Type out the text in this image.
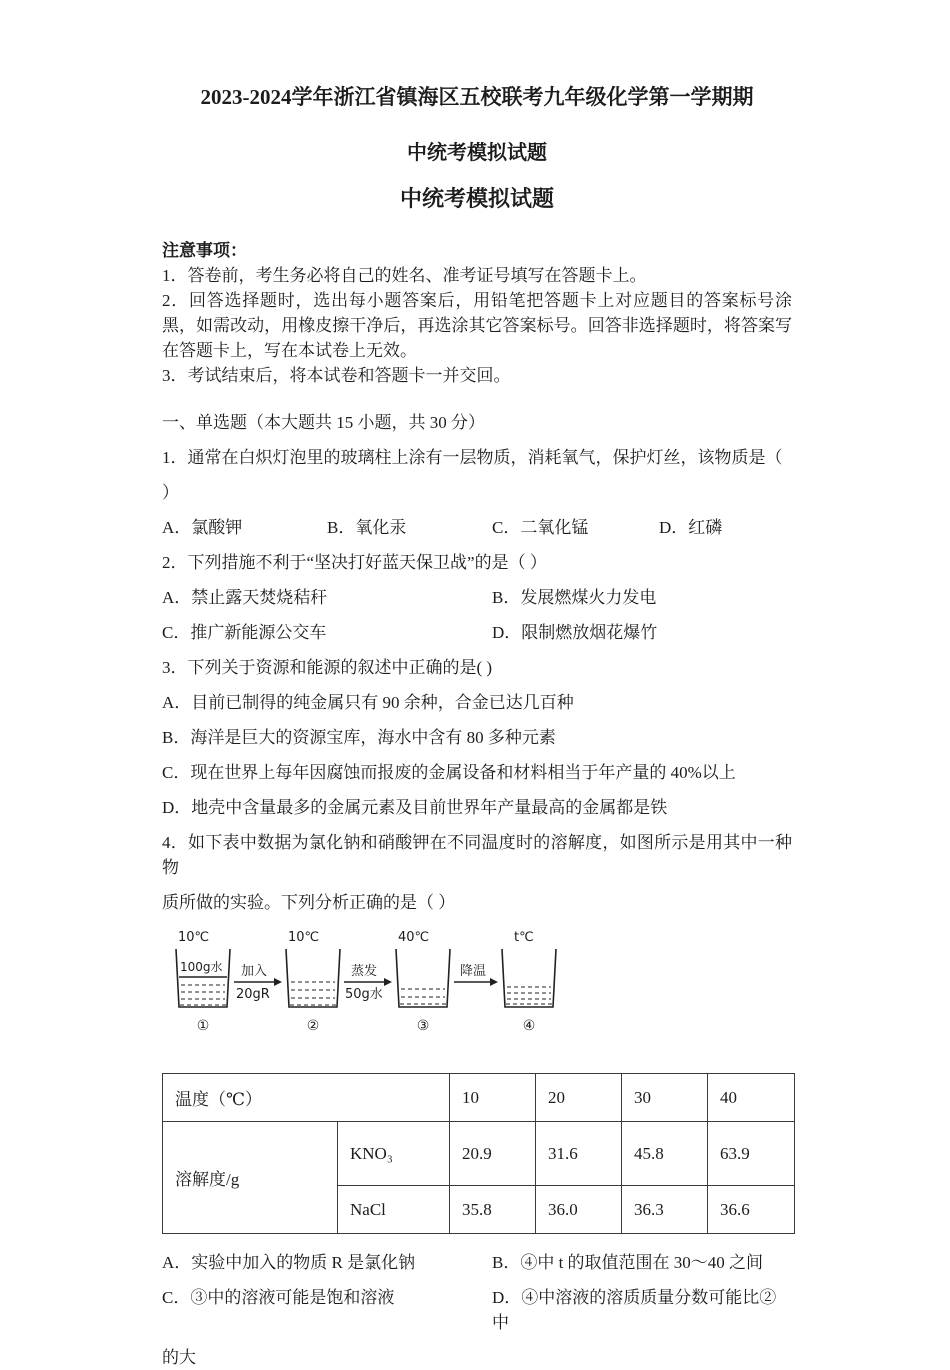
2023-2024学年浙江省镇海区五校联考九年级化学第一学期期
中统考模拟试题
中统考模拟试题
注意事项：
1．答卷前，考生务必将自己的姓名、准考证号填写在答题卡上。
2．回答选择题时，选出每小题答案后，用铅笔把答题卡上对应题目的答案标号涂黑，如需改动，用橡皮擦干净后，再选涂其它答案标号。回答非选择题时，将答案写在答题卡上，写在本试卷上无效。
3．考试结束后，将本试卷和答题卡一并交回。
一、单选题（本大题共 15 小题，共 30 分）
1．通常在白炽灯泡里的玻璃柱上涂有一层物质，消耗氧气，保护灯丝，该物质是（
）
A．氯酸钾	B．氧化汞	C．二氧化锰	D．红磷
2．下列措施不利于“坚决打好蓝天保卫战”的是（ ）
A．禁止露天焚烧秸秆	B．发展燃煤火力发电
C．推广新能源公交车	D．限制燃放烟花爆竹
3．下列关于资源和能源的叙述中正确的是( )
A．目前已制得的纯金属只有 90 余种，合金已达几百种
B．海洋是巨大的资源宝库，海水中含有 80 多种元素
C．现在世界上每年因腐蚀而报废的金属设备和材料相当于年产量的 40%以上
D．地壳中含量最多的金属元素及目前世界年产量最高的金属都是铁
4．如下表中数据为氯化钠和硝酸钾在不同温度时的溶解度，如图所示是用其中一种物
质所做的实验。下列分析正确的是（ ）
10℃
100g水
①
加入
20gR
10℃
②
蒸发
50g水
40℃
③
降温
t℃
④
温度（℃）		10	20	30	40
溶解度/g	KNO₃	20.9	31.6	45.8	63.9
	NaCl	35.8	36.0	36.3	36.6
A．实验中加入的物质 R 是氯化钠	B．④中 t 的取值范围在 30～40 之间
C．③中的溶液可能是饱和溶液	D．④中溶液的溶质质量分数可能比②中
的大
